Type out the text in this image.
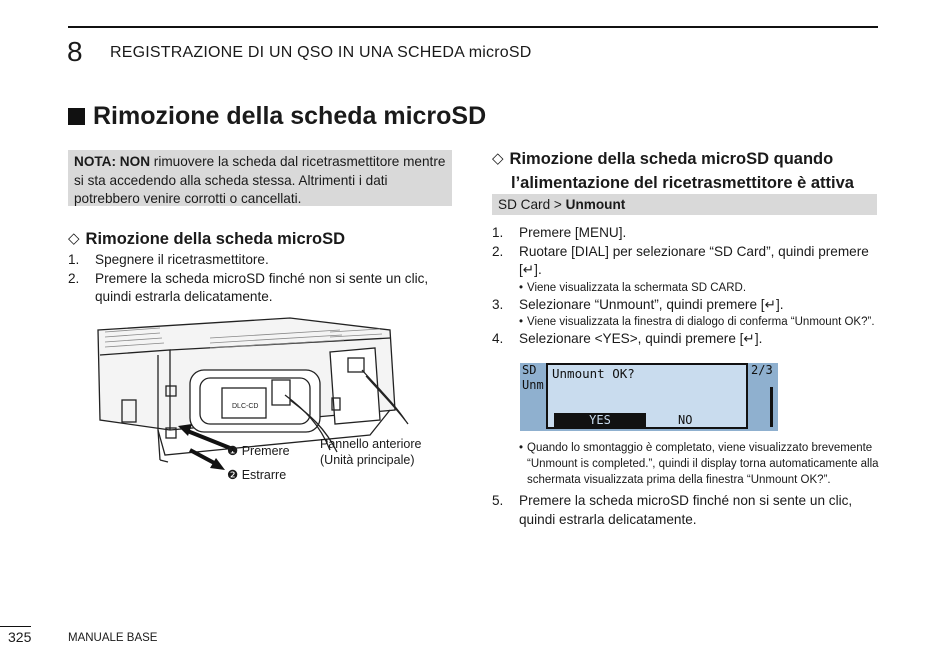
8 REGISTRAZIONE DI UN QSO IN UNA SCHEDA microSD
Rimozione della scheda microSD
NOTA: NON rimuovere la scheda dal ricetrasmettitore mentre si sta accedendo alla scheda stessa. Altrimenti i dati potrebbero venire corrotti o cancellati.
◇ Rimozione della scheda microSD
1.	Spegnere il ricetrasmettitore.
2.	Premere la scheda microSD finché non si sente un clic, quindi estrarla delicatamente.
DLC-CD
❶ Premere
❷ Estrarre
Pannello anteriore
(Unità principale)
◇ Rimozione della scheda microSD quando
l’alimentazione del ricetrasmettitore è attiva
SD Card > Unmount
1.	Premere [MENU].
2.	Ruotare [DIAL] per selezionare “SD Card”, quindi premere [↵].
• Viene visualizzata la schermata SD CARD.
3.	Selezionare “Unmount”, quindi premere [↵].
• Viene visualizzata la finestra di dialogo di conferma “Unmount OK?”.
4.	Selezionare <YES>, quindi premere [↵].
SD
Unm
2/3
Unmount OK?
YES	NO
• Quando lo smontaggio è completato, viene visualizzato brevemente “Unmount is completed.”, quindi il display torna automaticamente alla schermata visualizzata prima della finestra “Unmount OK?”.
5.	Premere la scheda microSD finché non si sente un clic, quindi estrarla delicatamente.
325	MANUALE BASE
